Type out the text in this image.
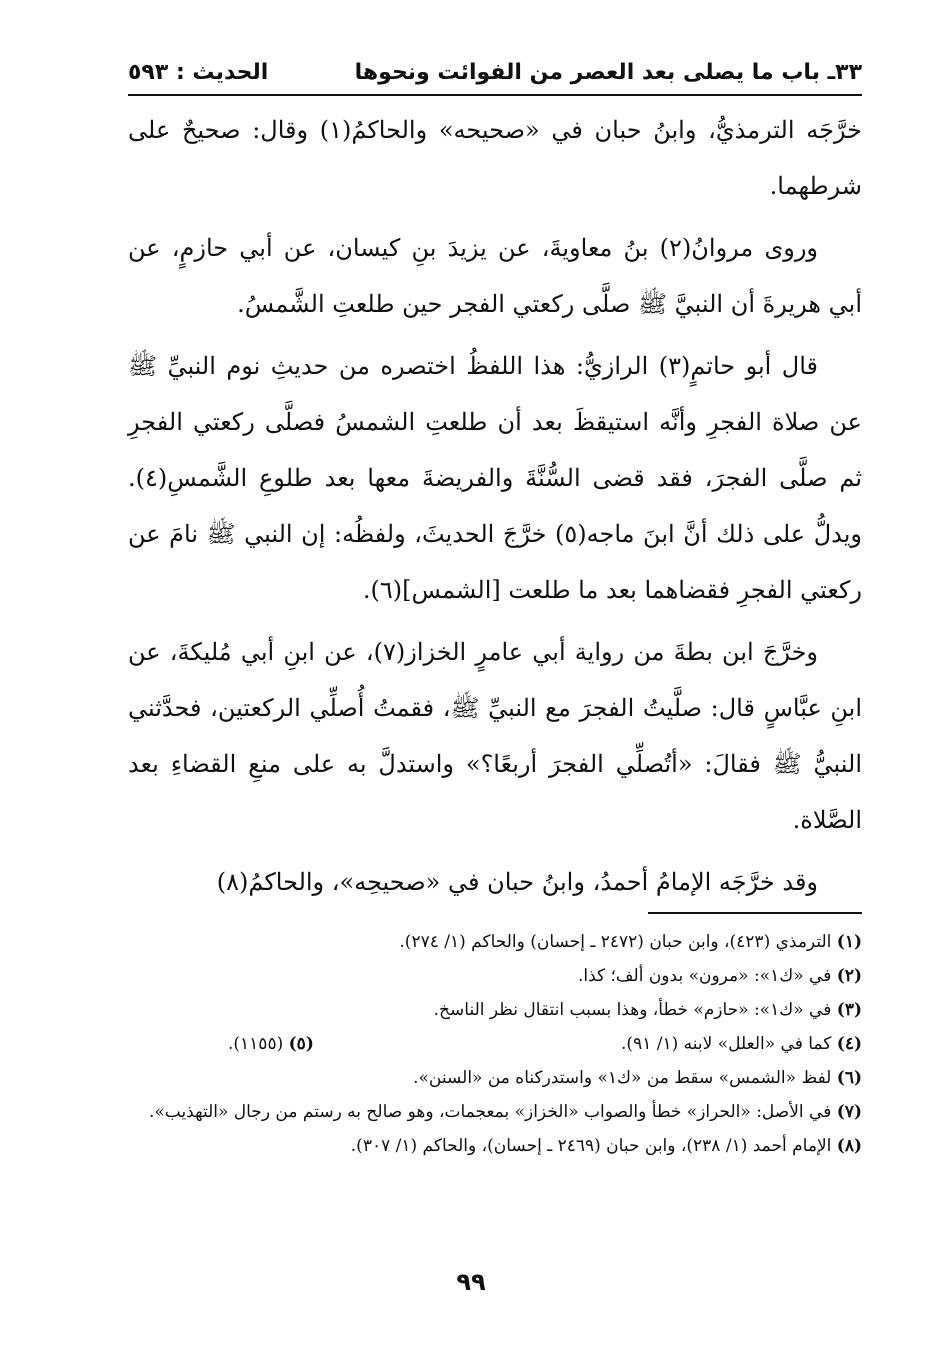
٣٣ـ باب ما يصلى بعد العصر من الفوائت ونحوها
الحديث : ٥٩٣

خرَّجَه الترمذيُّ، وابنُ حبان في «صحيحه» والحاكمُ(١) وقال: صحيحٌ على شرطهما.

وروى مروانُ(٢) بنُ معاويةَ، عن يزيدَ بنِ كيسان، عن أبي حازمٍ، عن أبي هريرةَ أن النبيَّ ﷺ صلَّى ركعتي الفجر حين طلعتِ الشَّمسُ.

قال أبو حاتمٍ(٣) الرازيُّ: هذا اللفظُ اختصره من حديثِ نوم النبيِّ ﷺ عن صلاة الفجرِ وأنَّه استيقظَ بعد أن طلعتِ الشمسُ فصلَّى ركعتي الفجرِ ثم صلَّى الفجرَ، فقد قضى السُّنَّةَ والفريضةَ معها بعد طلوعِ الشَّمسِ(٤). ويدلُّ على ذلك أنَّ ابنَ ماجه(٥) خرَّجَ الحديثَ، ولفظُه: إن النبي ﷺ نامَ عن ركعتي الفجرِ فقضاهما بعد ما طلعت [الشمس](٦).

وخرَّجَ ابن بطةَ من رواية أبي عامرٍ الخزاز(٧)، عن ابنِ أبي مُليكةَ، عن ابنِ عبَّاسٍ قال: صلَّيتُ الفجرَ مع النبيِّ ﷺ، فقمتُ أُصلِّي الركعتين، فحدَّثني النبيُّ ﷺ فقالَ: «أتُصلِّي الفجرَ أربعًا؟» واستدلَّ به على منعِ القضاءِ بعد الصَّلاة.

وقد خرَّجَه الإمامُ أحمدُ، وابنُ حبان في «صحيحِه»، والحاكمُ(٨)

(١) الترمذي (٤٢٣)، وابن حبان (٢٤٧٢ ـ إحسان) والحاكم (١/ ٢٧٤).

(٢) في «ك١»: «مرون» بدون ألف؛ كذا.

(٣) في «ك١»: «حازم» خطأ، وهذا بسبب انتقال نظر الناسخ.

(٤) كما في «العلل» لابنه (١/ ٩١).
(٥) (١١٥٥).

(٦) لفظ «الشمس» سقط من «ك١» واستدركناه من «السنن».

(٧) في الأصل: «الحراز» خطأ والصواب «الخزاز» بمعجمات، وهو صالح به رستم من رجال «التهذيب».

(٨) الإمام أحمد (١/ ٢٣٨)، وابن حبان (٢٤٦٩ ـ إحسان)، والحاكم (١/ ٣٠٧).

٩٩
